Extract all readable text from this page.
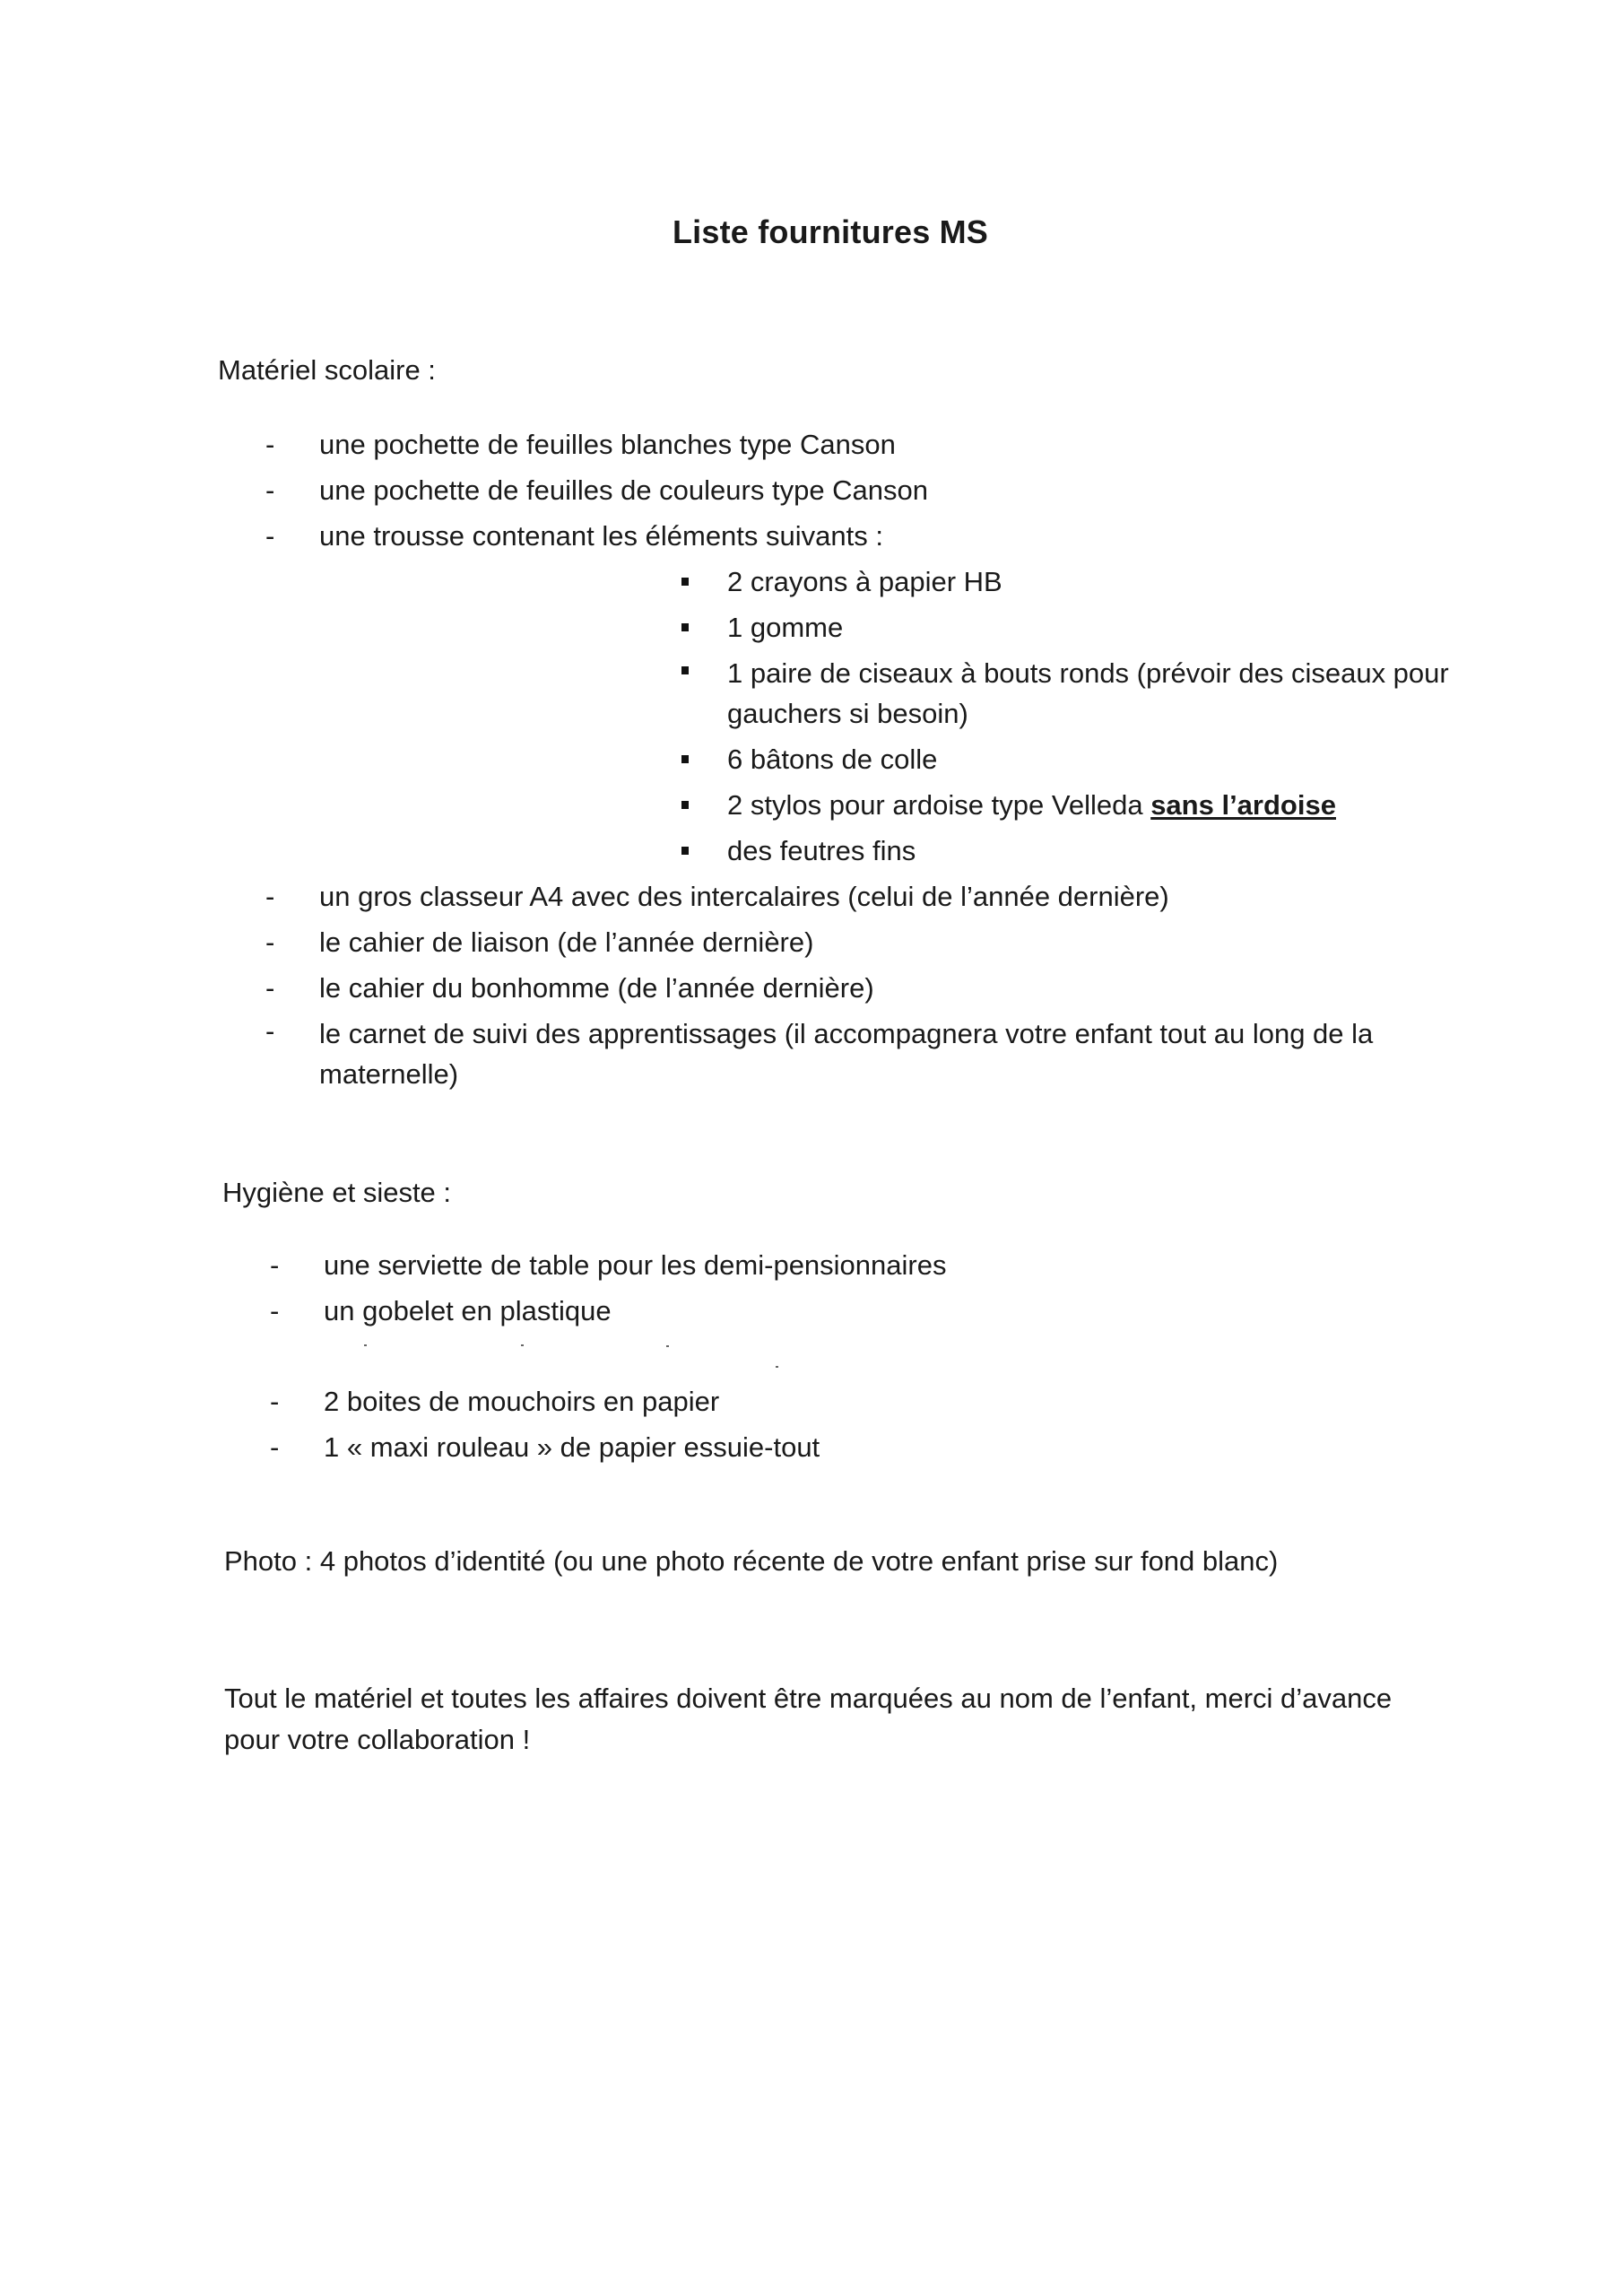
Liste fournitures MS
Matériel scolaire :
-	une pochette de feuilles blanches type Canson
-	une pochette de feuilles de couleurs type Canson
-	une trousse contenant les éléments suivants :
2 crayons à papier HB
1 gomme
1 paire de ciseaux à bouts ronds (prévoir des ciseaux pour gauchers si besoin)
6 bâtons de colle
2 stylos pour ardoise type Velleda sans l’ardoise
des feutres fins
-	un gros classeur A4 avec des intercalaires (celui de l’année dernière)
-	le cahier de liaison (de l’année dernière)
-	le cahier du bonhomme (de l’année dernière)
-	le carnet de suivi des apprentissages (il accompagnera votre enfant tout au long de la maternelle)
Hygiène et sieste :
-	une serviette de table pour les demi-pensionnaires
-	un gobelet en plastique
-	2 boites de mouchoirs en papier
-	1 « maxi rouleau » de papier essuie-tout
Photo : 4 photos d’identité (ou une photo récente de votre enfant prise sur fond blanc)
Tout le matériel et toutes les affaires doivent être marquées au nom de l’enfant, merci d’avance pour votre collaboration !
